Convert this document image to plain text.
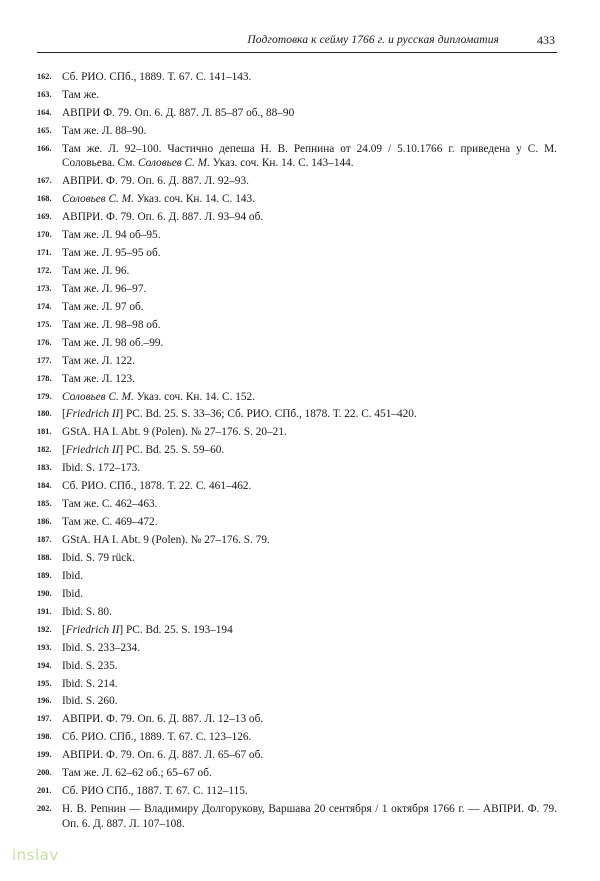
Подготовка к сейму 1766 г. и русская дипломатия	433
162. Сб. РИО. СПб., 1889. Т. 67. С. 141–143.
163. Там же.
164. АВПРИ Ф. 79. Оп. 6. Д. 887. Л. 85–87 об., 88–90
165. Там же. Л. 88–90.
166. Там же. Л. 92–100. Частично депеша Н. В. Репнина от 24.09 / 5.10.1766 г. приведена у С. М. Соловьева. См. Соловьев С. М. Указ. соч. Кн. 14. С. 143–144.
167. АВПРИ. Ф. 79. Оп. 6. Д. 887. Л. 92–93.
168. Соловьев С. М. Указ. соч. Кн. 14. С. 143.
169. АВПРИ. Ф. 79. Оп. 6. Д. 887. Л. 93–94 об.
170. Там же. Л. 94 об–95.
171. Там же. Л. 95–95 об.
172. Там же. Л. 96.
173. Там же. Л. 96–97.
174. Там же. Л. 97 об.
175. Там же. Л. 98–98 об.
176. Там же. Л. 98 об.–99.
177. Там же. Л. 122.
178. Там же. Л. 123.
179. Соловьев С. М. Указ. соч. Кн. 14. С. 152.
180. [Friedrich II] PC. Bd. 25. S. 33–36; Сб. РИО. СПб., 1878. Т. 22. С. 451–420.
181. GStA. HA I. Abt. 9 (Polen). № 27–176. S. 20–21.
182. [Friedrich II] PC. Bd. 25. S. 59–60.
183. Ibid. S. 172–173.
184. Сб. РИО. СПб., 1878. Т. 22. С. 461–462.
185. Там же. С. 462–463.
186. Там же. С. 469–472.
187. GStA. HA I. Abt. 9 (Polen). № 27–176. S. 79.
188. Ibid. S. 79 rück.
189. Ibid.
190. Ibid.
191. Ibid. S. 80.
192. [Friedrich II] PC. Bd. 25. S. 193–194
193. Ibid. S. 233–234.
194. Ibid. S. 235.
195. Ibid. S. 214.
196. Ibid. S. 260.
197. АВПРИ. Ф. 79. Оп. 6. Д. 887. Л. 12–13 об.
198. Сб. РИО. СПб., 1889. Т. 67. С. 123–126.
199. АВПРИ. Ф. 79. Оп. 6. Д. 887. Л. 65–67 об.
200. Там же. Л. 62–62 об.; 65–67 об.
201. Сб. РИО СПб., 1887. Т. 67. С. 112–115.
202. Н. В. Репнин — Владимиру Долгорукову, Варшава 20 сентября / 1 октября 1766 г. — АВПРИ. Ф. 79. Оп. 6. Д. 887. Л. 107–108.
inslav
